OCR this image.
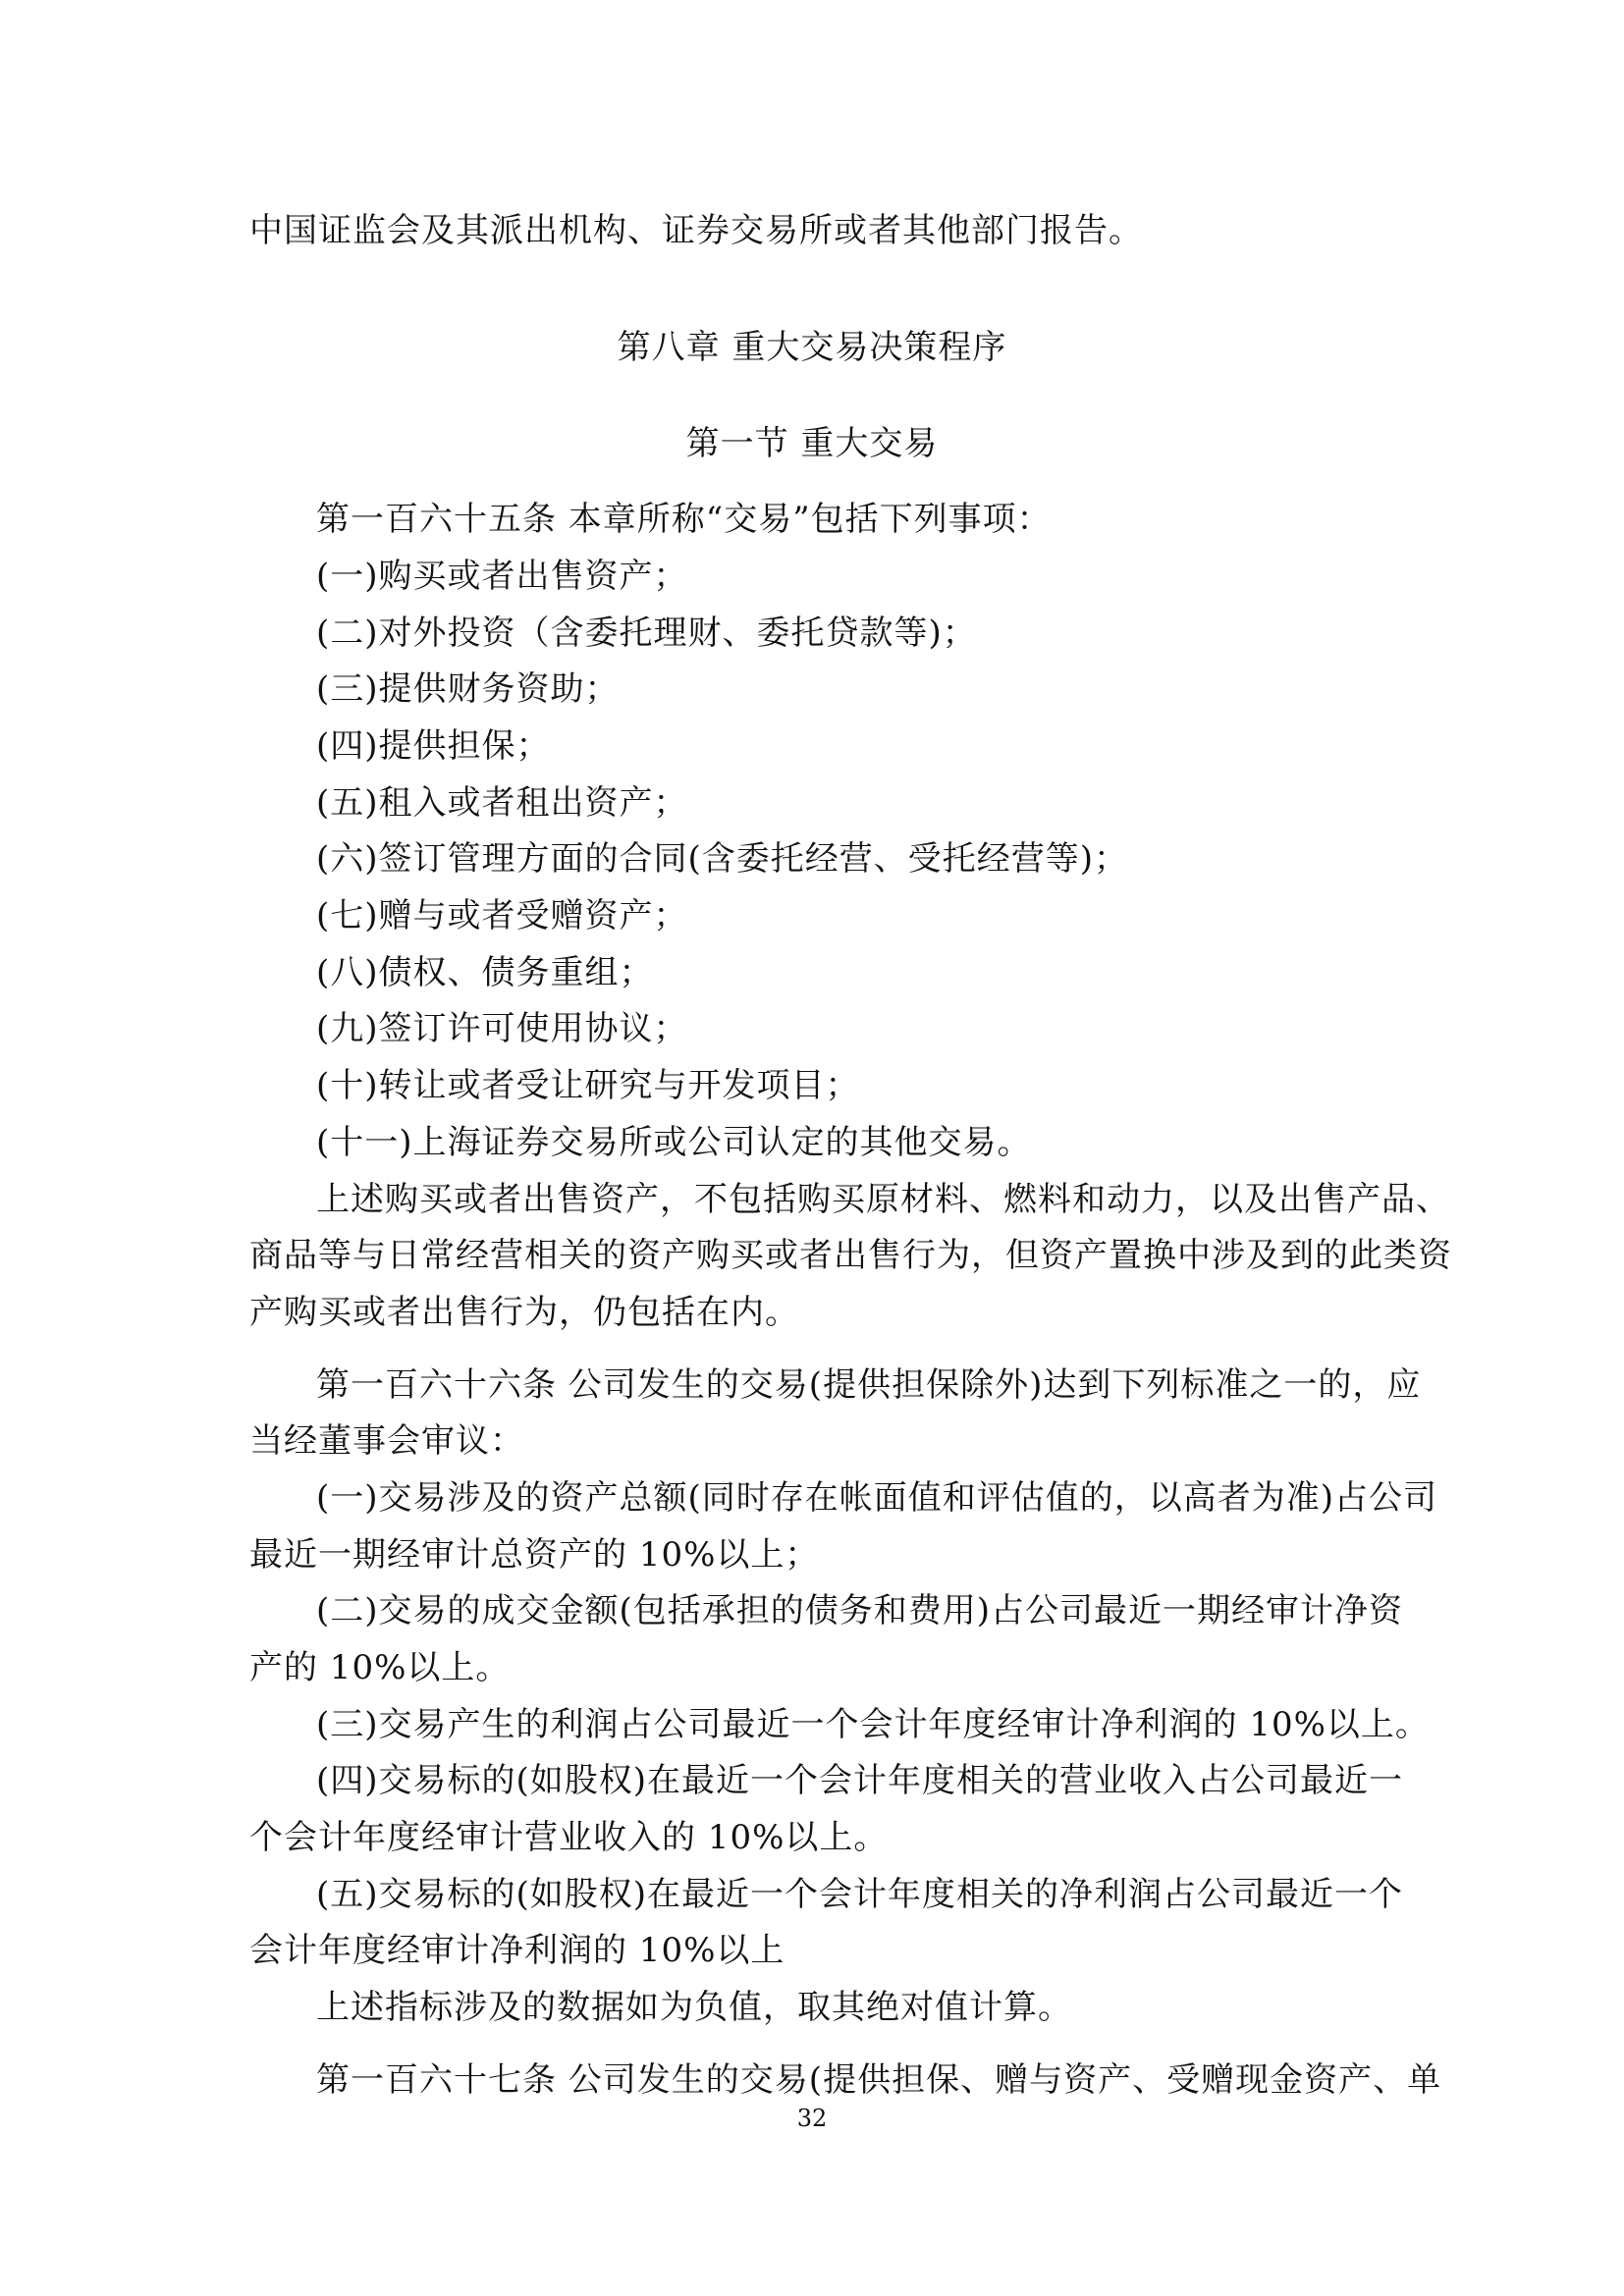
中国证监会及其派出机构、证券交易所或者其他部门报告。
第八章 重大交易决策程序
第一节 重大交易
第一百六十五条 本章所称“交易”包括下列事项：
(一)购买或者出售资产；
(二)对外投资（含委托理财、委托贷款等)；
(三)提供财务资助；
(四)提供担保；
(五)租入或者租出资产；
(六)签订管理方面的合同(含委托经营、受托经营等)；
(七)赠与或者受赠资产；
(八)债权、债务重组；
(九)签订许可使用协议；
(十)转让或者受让研究与开发项目；
(十一)上海证券交易所或公司认定的其他交易。
上述购买或者出售资产，不包括购买原材料、燃料和动力，以及出售产品、
商品等与日常经营相关的资产购买或者出售行为，但资产置换中涉及到的此类资
产购买或者出售行为，仍包括在内。
第一百六十六条 公司发生的交易(提供担保除外)达到下列标准之一的，应
当经董事会审议：
(一)交易涉及的资产总额(同时存在帐面值和评估值的，以高者为准)占公司
最近一期经审计总资产的 10%以上；
(二)交易的成交金额(包括承担的债务和费用)占公司最近一期经审计净资
产的 10%以上。
(三)交易产生的利润占公司最近一个会计年度经审计净利润的 10%以上。
(四)交易标的(如股权)在最近一个会计年度相关的营业收入占公司最近一
个会计年度经审计营业收入的 10%以上。
(五)交易标的(如股权)在最近一个会计年度相关的净利润占公司最近一个
会计年度经审计净利润的 10%以上
上述指标涉及的数据如为负值，取其绝对值计算。
第一百六十七条 公司发生的交易(提供担保、赠与资产、受赠现金资产、单
32
